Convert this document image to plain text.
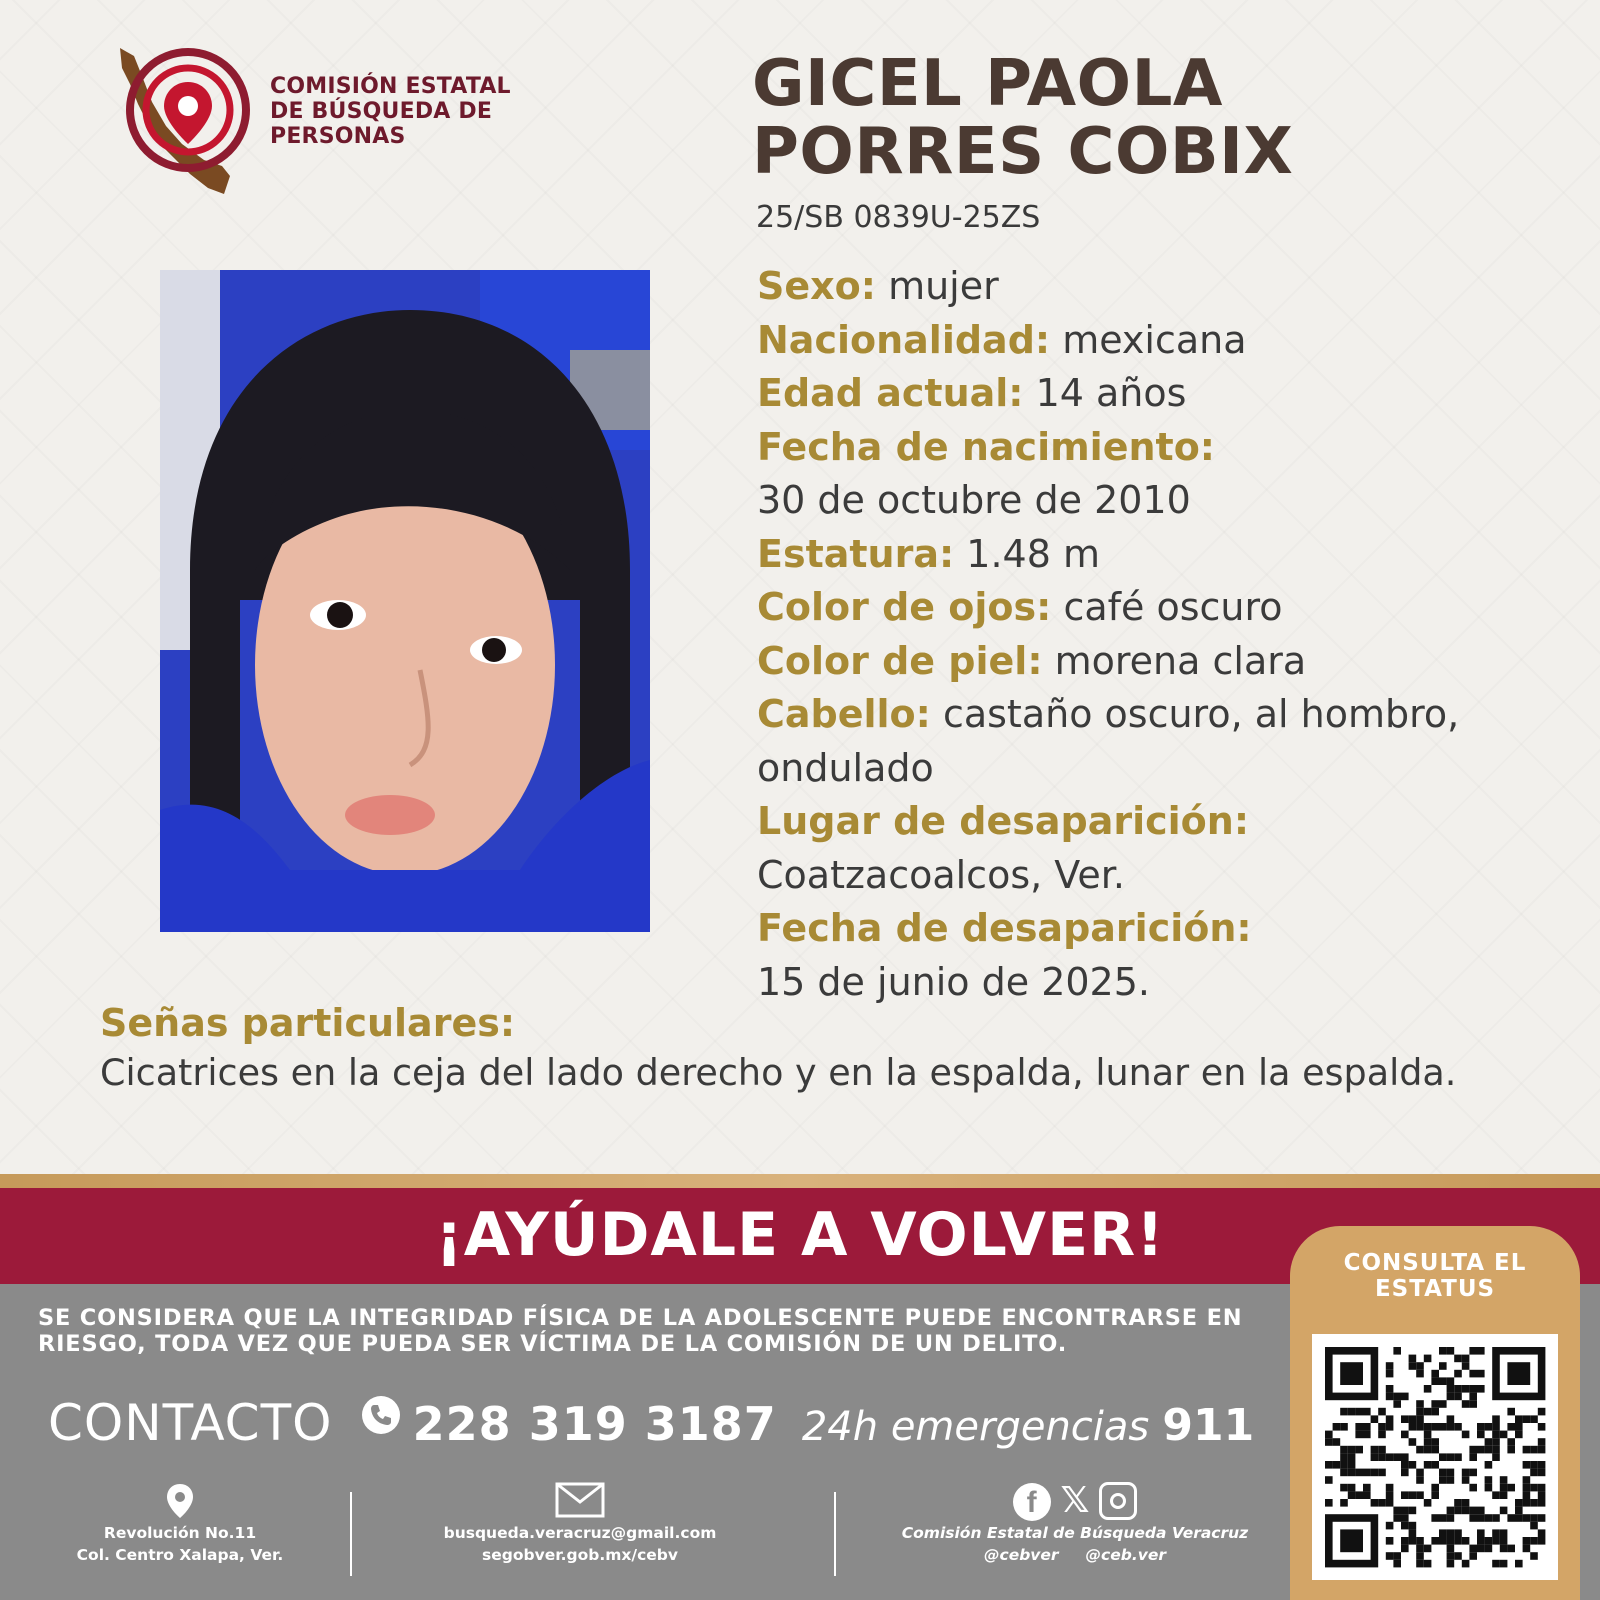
COMISIÓN ESTATAL
DE BÚSQUEDA DE
PERSONAS
GICEL PAOLA
PORRES COBIX
25/SB 0839U-25ZS
Sexo: mujer
Nacionalidad: mexicana
Edad actual: 14 años
Fecha de nacimiento:
30 de octubre de 2010
Estatura: 1.48 m
Color de ojos: café oscuro
Color de piel: morena clara
Cabello: castaño oscuro, al hombro,
ondulado
Lugar de desaparición:
Coatzacoalcos, Ver.
Fecha de desaparición:
15 de junio de 2025.
Señas particulares:
Cicatrices en la ceja del lado derecho y en la espalda, lunar en la espalda.
¡AYÚDALE A VOLVER!
SE CONSIDERA QUE LA INTEGRIDAD FÍSICA DE LA ADOLESCENTE PUEDE ENCONTRARSE EN
RIESGO, TODA VEZ QUE PUEDA SER VÍCTIMA DE LA COMISIÓN DE UN DELITO.
CONTACTO 228 319 3187 24h emergencias 911
Revolución No.11
Col. Centro Xalapa, Ver.
busqueda.veracruz@gmail.com
segobver.gob.mx/cebv
f 𝕏
Comisión Estatal de Búsqueda Veracruz
@cebver     @ceb.ver
CONSULTA EL
ESTATUS
